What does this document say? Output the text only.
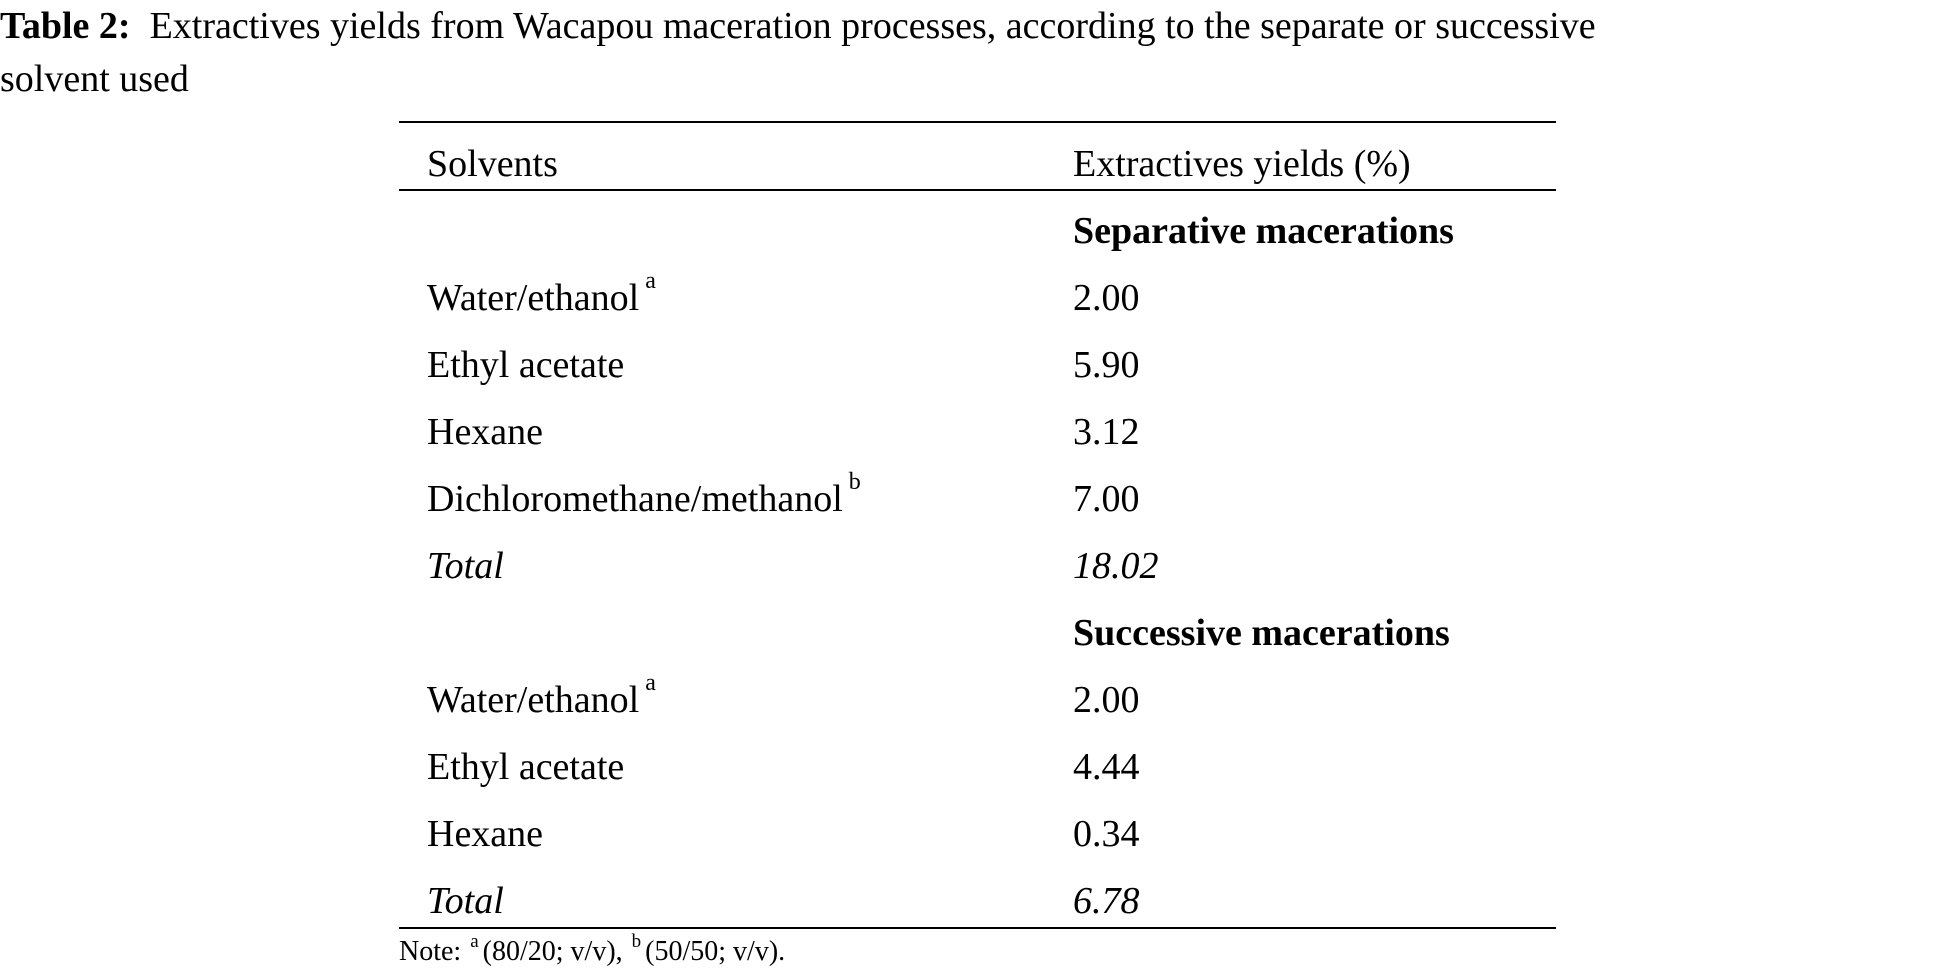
Table 2: Extractives yields from Wacapou maceration processes, according to the separate or successive
solvent used
Solvents	Extractives yields (%)
Separative macerations
Water/ethanol $^a$	2.00
Ethyl acetate	5.90
Hexane	3.12
Dichloromethane/methanol $^b$	7.00
Total	18.02
Successive macerations
Water/ethanol $^a$	2.00
Ethyl acetate	4.44
Hexane	0.34
Total	6.78
Note: $^a$ (80/20; v/v), $^b$ (50/50; v/v).
